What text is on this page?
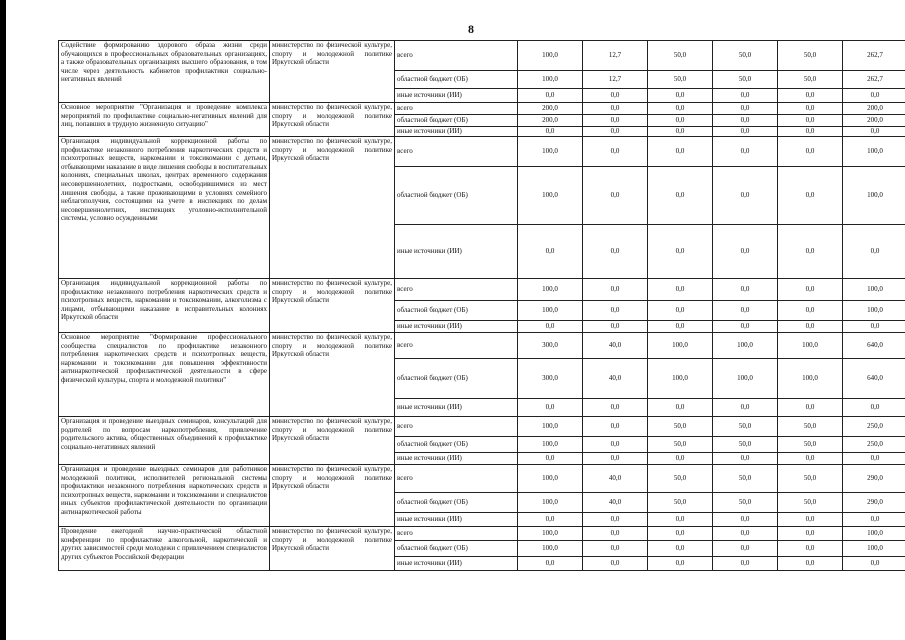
8
Содействие формированию здорового образа жизни среди обучающихся в профессиональных образовательных организациях, а также образовательных организациях высшего образования, в том числе через деятельность кабинетов профилактики социально-негативных явлений	министерство по физической культуре, спорту и молодежной политике Иркутской области	всего	100,0	12,7	50,0	50,0	50,0	262,7
		областной бюджет (ОБ)	100,0	12,7	50,0	50,0	50,0	262,7
		иные источники (ИИ)	0,0	0,0	0,0	0,0	0,0	0,0
Основное мероприятие "Организация и проведение комплекса мероприятий по профилактике социально-негативных явлений для лиц, попавших в трудную жизненную ситуацию"	министерство по физической культуре, спорту и молодежной политике Иркутской области	всего	200,0	0,0	0,0	0,0	0,0	200,0
		областной бюджет (ОБ)	200,0	0,0	0,0	0,0	0,0	200,0
		иные источники (ИИ)	0,0	0,0	0,0	0,0	0,0	0,0
Организация индивидуальной коррекционной работы по профилактике незаконного потребления наркотических средств и психотропных веществ, наркомании и токсикомании с детьми, отбывающими наказание в виде лишения свободы в воспитательных колониях, специальных школах, центрах временного содержания несовершеннолетних, подростками, освободившимися из мест лишения свободы, а также проживающими в условиях семейного неблагополучия, состоящими на учете в инспекциях по делам несовершеннолетних, инспекциях уголовно-исполнительной системы, условно осужденными	министерство по физической культуре, спорту и молодежной политике Иркутской области	всего	100,0	0,0	0,0	0,0	0,0	100,0
		областной бюджет (ОБ)	100,0	0,0	0,0	0,0	0,0	100,0
		иные источники (ИИ)	0,0	0,0	0,0	0,0	0,0	0,0
Организация индивидуальной коррекционной работы по профилактике незаконного потребления наркотических средств и психотропных веществ, наркомании и токсикомании, алкоголизма с лицами, отбывающими наказание в исправительных колониях Иркутской области	министерство по физической культуре, спорту и молодежной политике Иркутской области	всего	100,0	0,0	0,0	0,0	0,0	100,0
		областной бюджет (ОБ)	100,0	0,0	0,0	0,0	0,0	100,0
		иные источники (ИИ)	0,0	0,0	0,0	0,0	0,0	0,0
Основное мероприятие "Формирование профессионального сообщества специалистов по профилактике незаконного потребления наркотических средств и психотропных веществ, наркомании и токсикомании для повышения эффективности антинаркотической профилактической деятельности в сфере физической культуры, спорта и молодежной политики"	министерство по физической культуре, спорту и молодежной политике Иркутской области	всего	300,0	40,0	100,0	100,0	100,0	640,0
		областной бюджет (ОБ)	300,0	40,0	100,0	100,0	100,0	640,0
		иные источники (ИИ)	0,0	0,0	0,0	0,0	0,0	0,0
Организация и проведение выездных семинаров, консультаций для родителей по вопросам наркопотребления, привлечение родительского актива, общественных объединений к профилактике социально-негативных явлений	министерство по физической культуре, спорту и молодежной политике Иркутской области	всего	100,0	0,0	50,0	50,0	50,0	250,0
		областной бюджет (ОБ)	100,0	0,0	50,0	50,0	50,0	250,0
		иные источники (ИИ)	0,0	0,0	0,0	0,0	0,0	0,0
Организация и проведение выездных семинаров для работников молодежной политики, исполнителей региональной системы профилактики незаконного потребления наркотических средств и психотропных веществ, наркомании и токсикомании и специалистов иных субъектов профилактической деятельности по организации антинаркотической работы	министерство по физической культуре, спорту и молодежной политике Иркутской области	всего	100,0	40,0	50,0	50,0	50,0	290,0
		областной бюджет (ОБ)	100,0	40,0	50,0	50,0	50,0	290,0
		иные источники (ИИ)	0,0	0,0	0,0	0,0	0,0	0,0
Проведение ежегодной научно-практической областной конференции по профилактике алкогольной, наркотической и других зависимостей среди молодежи с привлечением специалистов других субъектов Российской Федерации	министерство по физической культуре, спорту и молодежной политике Иркутской области	всего	100,0	0,0	0,0	0,0	0,0	100,0
		областной бюджет (ОБ)	100,0	0,0	0,0	0,0	0,0	100,0
		иные источники (ИИ)	0,0	0,0	0,0	0,0	0,0	0,0
